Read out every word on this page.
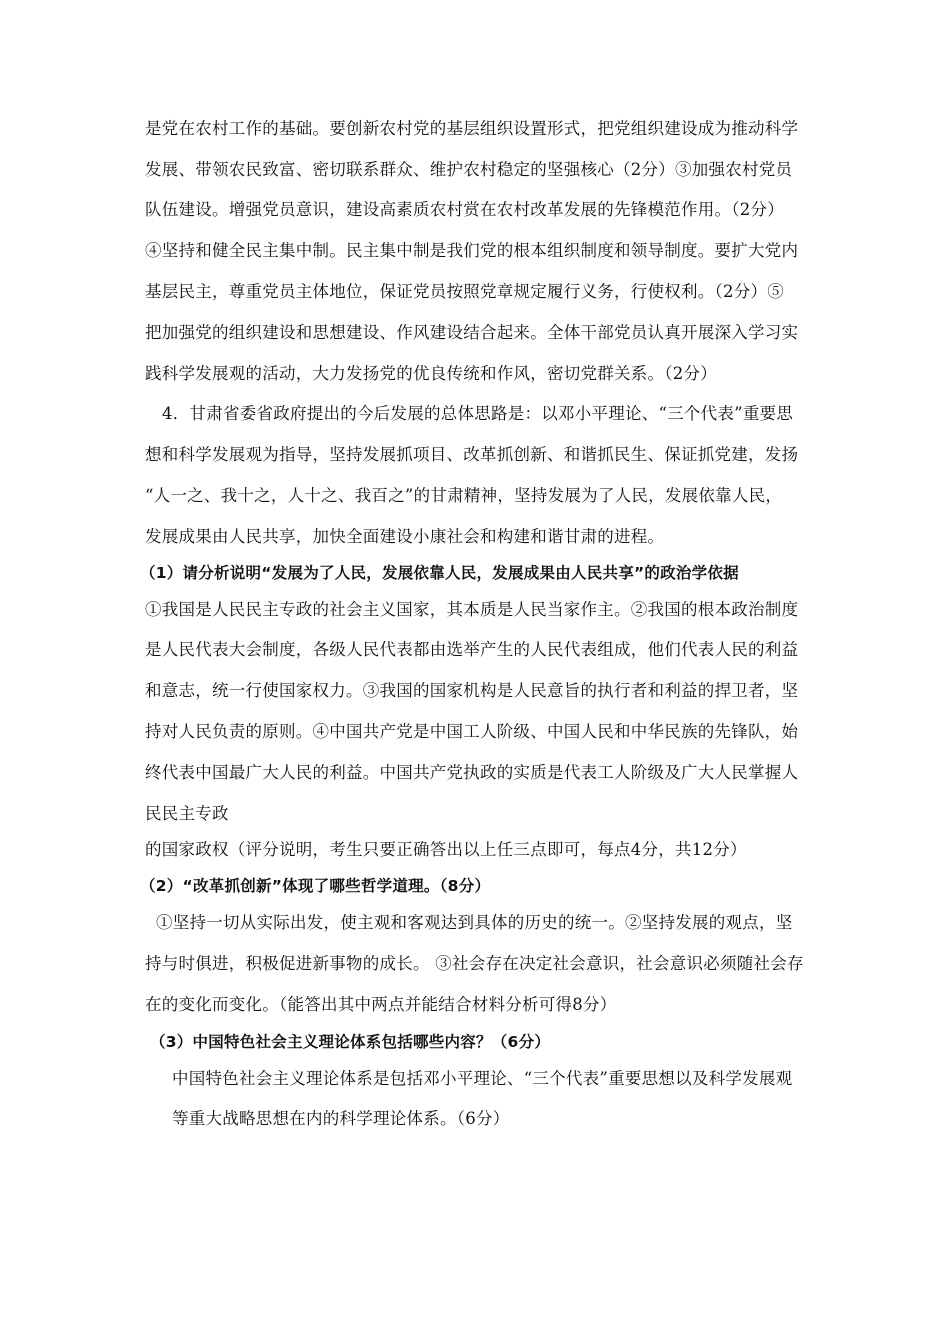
是党在农村工作的基础。要创新农村党的基层组织设置形式，把党组织建设成为推动科学
发展、带领农民致富、密切联系群众、维护农村稳定的坚强核心（2分）③加强农村党员
队伍建设。增强党员意识，建设高素质农村赏在农村改革发展的先锋模范作用。（2分）
④坚持和健全民主集中制。民主集中制是我们党的根本组织制度和领导制度。要扩大党内
基层民主，尊重党员主体地位，保证党员按照党章规定履行义务，行使权利。（2分）⑤
把加强党的组织建设和思想建设、作风建设结合起来。全体干部党员认真开展深入学习实
践科学发展观的活动，大力发扬党的优良传统和作风，密切党群关系。（2分）
4．甘肃省委省政府提出的今后发展的总体思路是：以邓小平理论、“三个代表”重要思
想和科学发展观为指导，坚持发展抓项目、改革抓创新、和谐抓民生、保证抓党建，发扬
“人一之、我十之，人十之、我百之”的甘肃精神，坚持发展为了人民，发展依靠人民，
发展成果由人民共享，加快全面建设小康社会和构建和谐甘肃的进程。
（1）请分析说明“发展为了人民，发展依靠人民，发展成果由人民共享”的政治学依据
①我国是人民民主专政的社会主义国家，其本质是人民当家作主。②我国的根本政治制度
是人民代表大会制度，各级人民代表都由选举产生的人民代表组成，他们代表人民的利益
和意志，统一行使国家权力。③我国的国家机构是人民意旨的执行者和利益的捍卫者，坚
持对人民负责的原则。④中国共产党是中国工人阶级、中国人民和中华民族的先锋队，始
终代表中国最广大人民的利益。中国共产党执政的实质是代表工人阶级及广大人民掌握人
民民主专政
的国家政权（评分说明，考生只要正确答出以上任三点即可，每点4分，共12分）
（2）“改革抓创新”体现了哪些哲学道理。（8分）
①坚持一切从实际出发，使主观和客观达到具体的历史的统一。②坚持发展的观点，坚
持与时俱进，积极促进新事物的成长。 ③社会存在决定社会意识，社会意识必须随社会存
在的变化而变化。（能答出其中两点并能结合材料分析可得8分）
（3）中国特色社会主义理论体系包括哪些内容？（6分）
中国特色社会主义理论体系是包括邓小平理论、“三个代表”重要思想以及科学发展观
等重大战略思想在内的科学理论体系。（6分）
